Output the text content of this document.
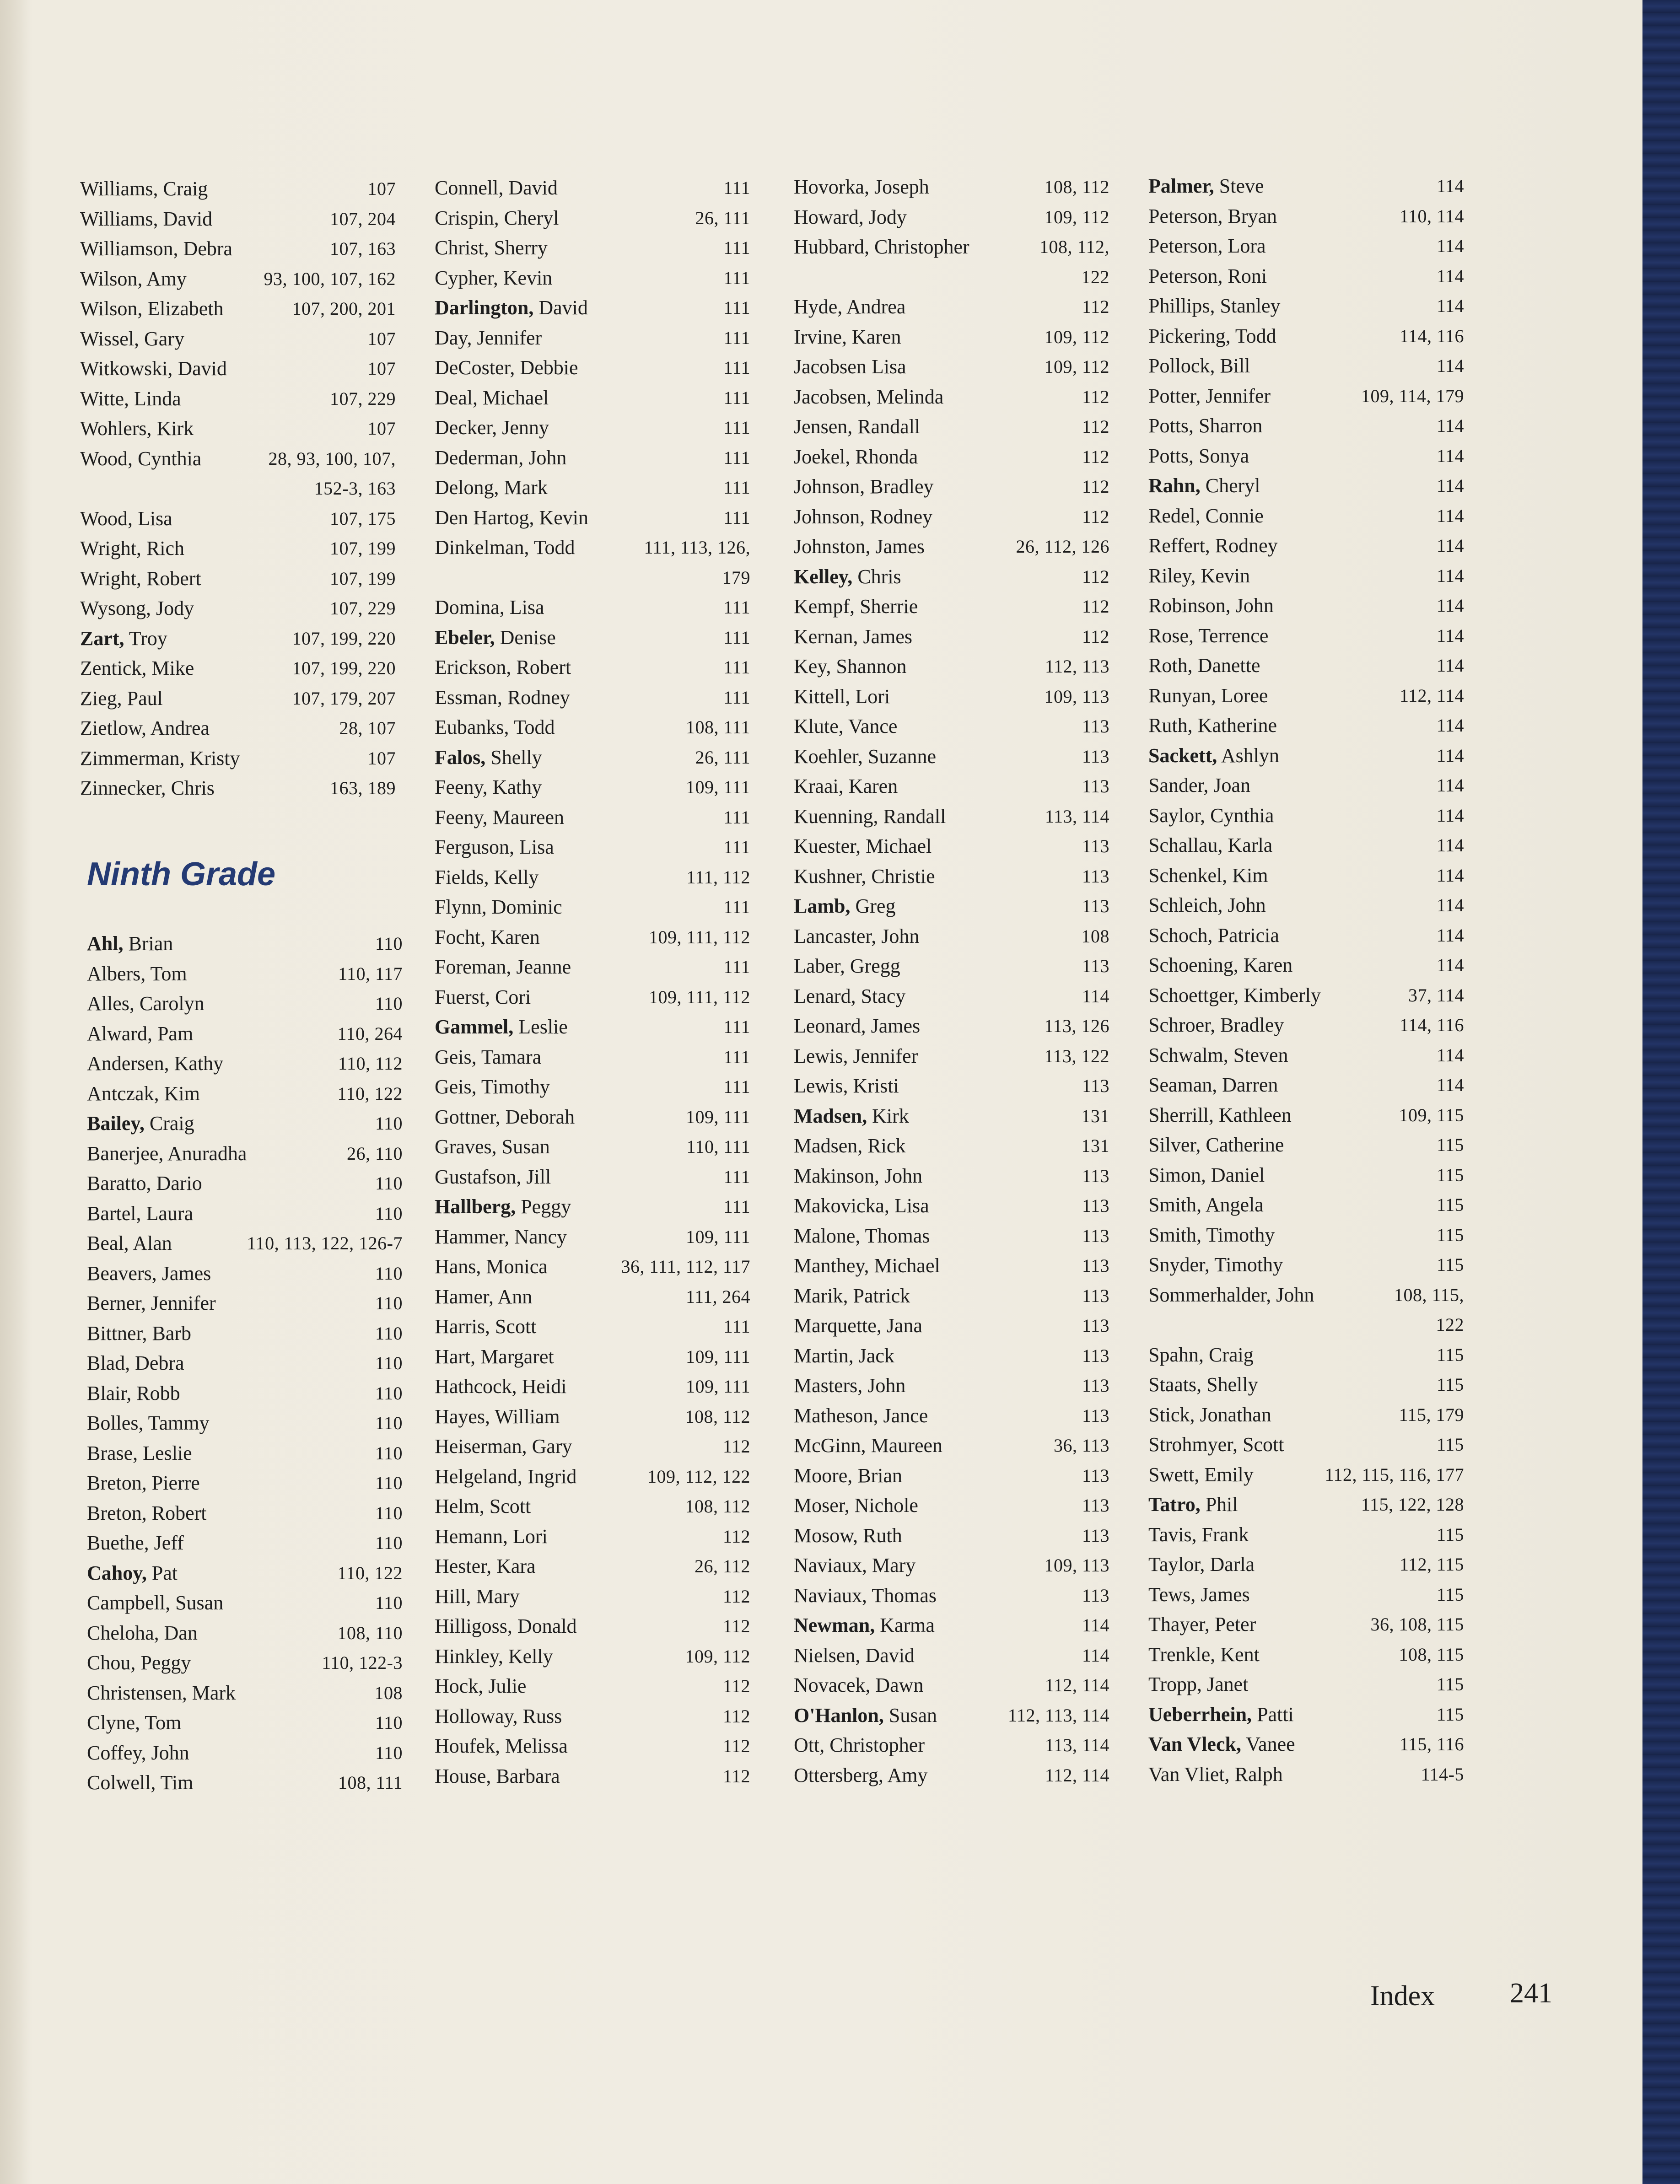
Williams, Craig	107
Williams, David	107, 204
Williamson, Debra	107, 163
Wilson, Amy	93, 100, 107, 162
Wilson, Elizabeth	107, 200, 201
Wissel, Gary	107
Witkowski, David	107
Witte, Linda	107, 229
Wohlers, Kirk	107
Wood, Cynthia	28, 93, 100, 107,
152-3, 163
Wood, Lisa	107, 175
Wright, Rich	107, 199
Wright, Robert	107, 199
Wysong, Jody	107, 229
Zart, Troy	107, 199, 220
Zentick, Mike	107, 199, 220
Zieg, Paul	107, 179, 207
Zietlow, Andrea	28, 107
Zimmerman, Kristy	107
Zinnecker, Chris	163, 189
Ninth Grade
Ahl, Brian	110
Albers, Tom	110, 117
Alles, Carolyn	110
Alward, Pam	110, 264
Andersen, Kathy	110, 112
Antczak, Kim	110, 122
Bailey, Craig	110
Banerjee, Anuradha	26, 110
Baratto, Dario	110
Bartel, Laura	110
Beal, Alan	110, 113, 122, 126-7
Beavers, James	110
Berner, Jennifer	110
Bittner, Barb	110
Blad, Debra	110
Blair, Robb	110
Bolles, Tammy	110
Brase, Leslie	110
Breton, Pierre	110
Breton, Robert	110
Buethe, Jeff	110
Cahoy, Pat	110, 122
Campbell, Susan	110
Cheloha, Dan	108, 110
Chou, Peggy	110, 122-3
Christensen, Mark	108
Clyne, Tom	110
Coffey, John	110
Colwell, Tim	108, 111
Connell, David	111
Crispin, Cheryl	26, 111
Christ, Sherry	111
Cypher, Kevin	111
Darlington, David	111
Day, Jennifer	111
DeCoster, Debbie	111
Deal, Michael	111
Decker, Jenny	111
Dederman, John	111
Delong, Mark	111
Den Hartog, Kevin	111
Dinkelman, Todd	111, 113, 126,
179
Domina, Lisa	111
Ebeler, Denise	111
Erickson, Robert	111
Essman, Rodney	111
Eubanks, Todd	108, 111
Falos, Shelly	26, 111
Feeny, Kathy	109, 111
Feeny, Maureen	111
Ferguson, Lisa	111
Fields, Kelly	111, 112
Flynn, Dominic	111
Focht, Karen	109, 111, 112
Foreman, Jeanne	111
Fuerst, Cori	109, 111, 112
Gammel, Leslie	111
Geis, Tamara	111
Geis, Timothy	111
Gottner, Deborah	109, 111
Graves, Susan	110, 111
Gustafson, Jill	111
Hallberg, Peggy	111
Hammer, Nancy	109, 111
Hans, Monica	36, 111, 112, 117
Hamer, Ann	111, 264
Harris, Scott	111
Hart, Margaret	109, 111
Hathcock, Heidi	109, 111
Hayes, William	108, 112
Heiserman, Gary	112
Helgeland, Ingrid	109, 112, 122
Helm, Scott	108, 112
Hemann, Lori	112
Hester, Kara	26, 112
Hill, Mary	112
Hilligoss, Donald	112
Hinkley, Kelly	109, 112
Hock, Julie	112
Holloway, Russ	112
Houfek, Melissa	112
House, Barbara	112
Hovorka, Joseph	108, 112
Howard, Jody	109, 112
Hubbard, Christopher	108, 112,
122
Hyde, Andrea	112
Irvine, Karen	109, 112
Jacobsen Lisa	109, 112
Jacobsen, Melinda	112
Jensen, Randall	112
Joekel, Rhonda	112
Johnson, Bradley	112
Johnson, Rodney	112
Johnston, James	26, 112, 126
Kelley, Chris	112
Kempf, Sherrie	112
Kernan, James	112
Key, Shannon	112, 113
Kittell, Lori	109, 113
Klute, Vance	113
Koehler, Suzanne	113
Kraai, Karen	113
Kuenning, Randall	113, 114
Kuester, Michael	113
Kushner, Christie	113
Lamb, Greg	113
Lancaster, John	108
Laber, Gregg	113
Lenard, Stacy	114
Leonard, James	113, 126
Lewis, Jennifer	113, 122
Lewis, Kristi	113
Madsen, Kirk	131
Madsen, Rick	131
Makinson, John	113
Makovicka, Lisa	113
Malone, Thomas	113
Manthey, Michael	113
Marik, Patrick	113
Marquette, Jana	113
Martin, Jack	113
Masters, John	113
Matheson, Jance	113
McGinn, Maureen	36, 113
Moore, Brian	113
Moser, Nichole	113
Mosow, Ruth	113
Naviaux, Mary	109, 113
Naviaux, Thomas	113
Newman, Karma	114
Nielsen, David	114
Novacek, Dawn	112, 114
O'Hanlon, Susan	112, 113, 114
Ott, Christopher	113, 114
Ottersberg, Amy	112, 114
Palmer, Steve	114
Peterson, Bryan	110, 114
Peterson, Lora	114
Peterson, Roni	114
Phillips, Stanley	114
Pickering, Todd	114, 116
Pollock, Bill	114
Potter, Jennifer	109, 114, 179
Potts, Sharron	114
Potts, Sonya	114
Rahn, Cheryl	114
Redel, Connie	114
Reffert, Rodney	114
Riley, Kevin	114
Robinson, John	114
Rose, Terrence	114
Roth, Danette	114
Runyan, Loree	112, 114
Ruth, Katherine	114
Sackett, Ashlyn	114
Sander, Joan	114
Saylor, Cynthia	114
Schallau, Karla	114
Schenkel, Kim	114
Schleich, John	114
Schoch, Patricia	114
Schoening, Karen	114
Schoettger, Kimberly	37, 114
Schroer, Bradley	114, 116
Schwalm, Steven	114
Seaman, Darren	114
Sherrill, Kathleen	109, 115
Silver, Catherine	115
Simon, Daniel	115
Smith, Angela	115
Smith, Timothy	115
Snyder, Timothy	115
Sommerhalder, John	108, 115,
122
Spahn, Craig	115
Staats, Shelly	115
Stick, Jonathan	115, 179
Strohmyer, Scott	115
Swett, Emily	112, 115, 116, 177
Tatro, Phil	115, 122, 128
Tavis, Frank	115
Taylor, Darla	112, 115
Tews, James	115
Thayer, Peter	36, 108, 115
Trenkle, Kent	108, 115
Tropp, Janet	115
Ueberrhein, Patti	115
Van Vleck, Vanee	115, 116
Van Vliet, Ralph	114-5
Index	241
